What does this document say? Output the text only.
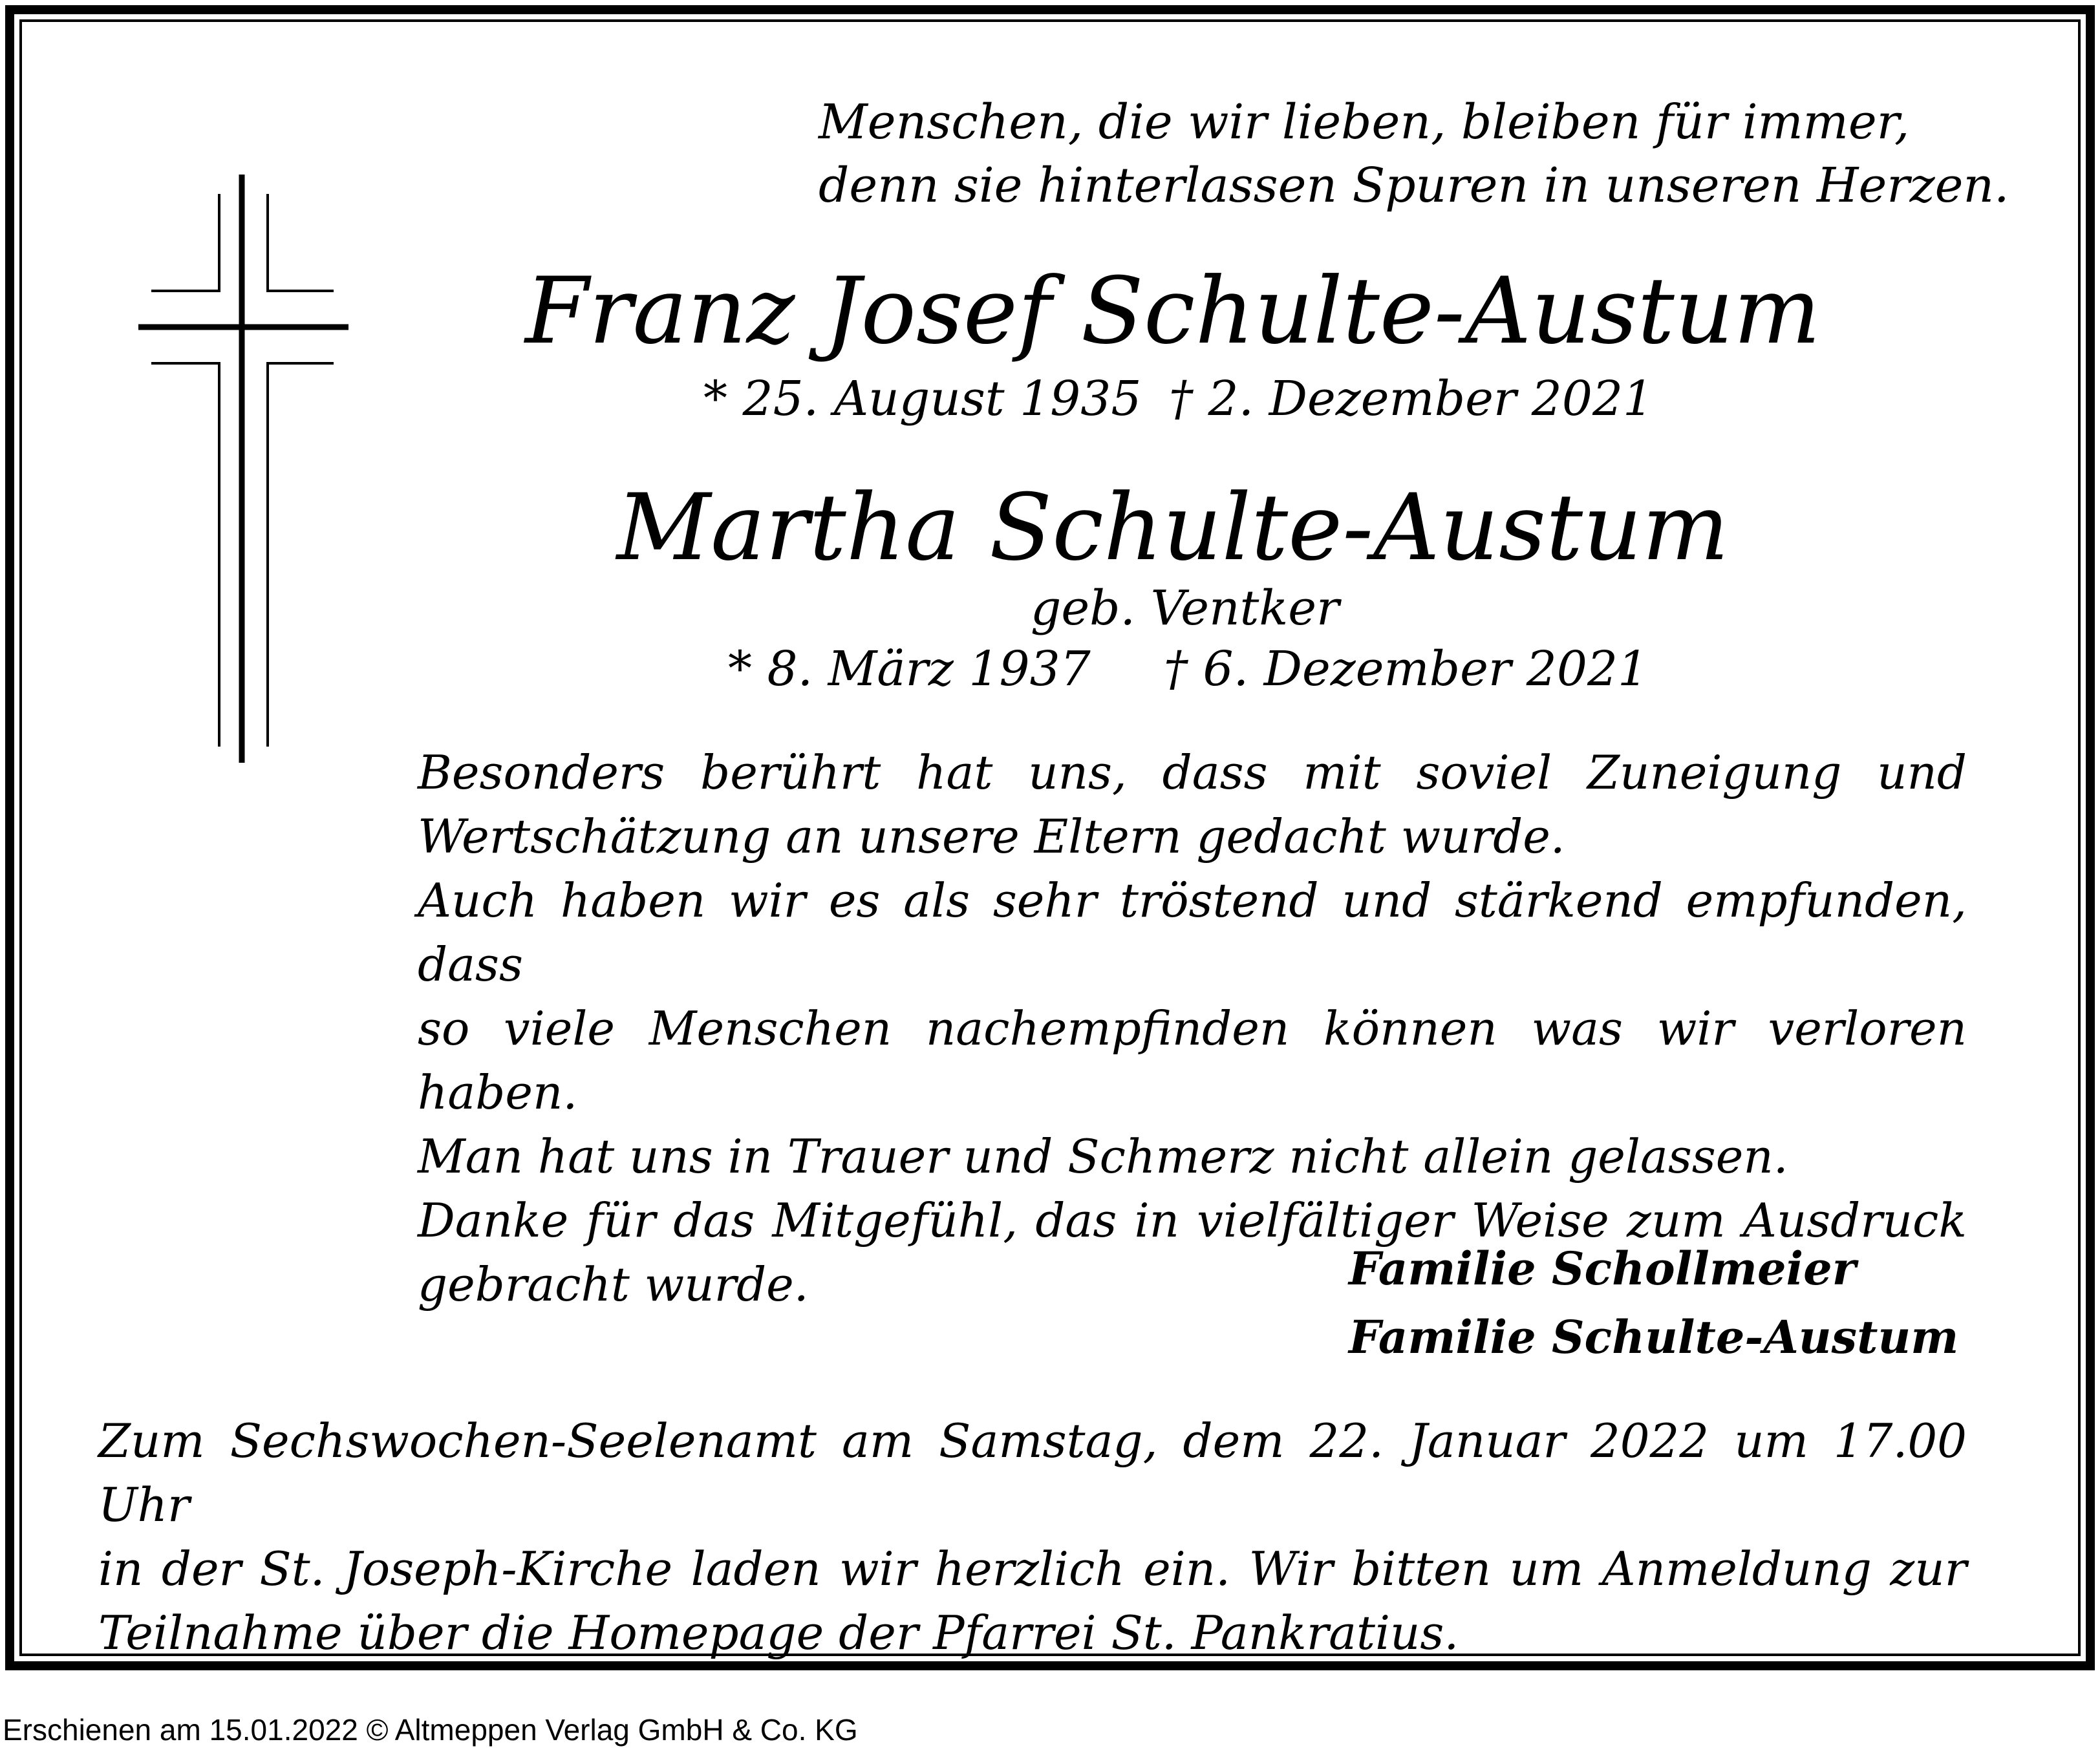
Menschen, die wir lieben, bleiben für immer,
denn sie hinterlassen Spuren in unseren Herzen.
Franz Josef Schulte-Austum
* 25. August 1935 † 2. Dezember 2021
Martha Schulte-Austum
geb. Ventker
* 8. März 1937 † 6. Dezember 2021
Besonders berührt hat uns, dass mit soviel Zuneigung und
Wertschätzung an unsere Eltern gedacht wurde.
Auch haben wir es als sehr tröstend und stärkend empfunden, dass
so viele Menschen nachempfinden können was wir verloren haben.
Man hat uns in Trauer und Schmerz nicht allein gelassen.
Danke für das Mitgefühl, das in vielfältiger Weise zum Ausdruck
gebracht wurde.	Familie Schollmeier
Familie Schulte-Austum
Zum Sechswochen-Seelenamt am Samstag, dem 22. Januar 2022 um 17.00 Uhr
in der St. Joseph-Kirche laden wir herzlich ein. Wir bitten um Anmeldung zur
Teilnahme über die Homepage der Pfarrei St. Pankratius.
Erschienen am 15.01.2022 © Altmeppen Verlag GmbH & Co. KG
